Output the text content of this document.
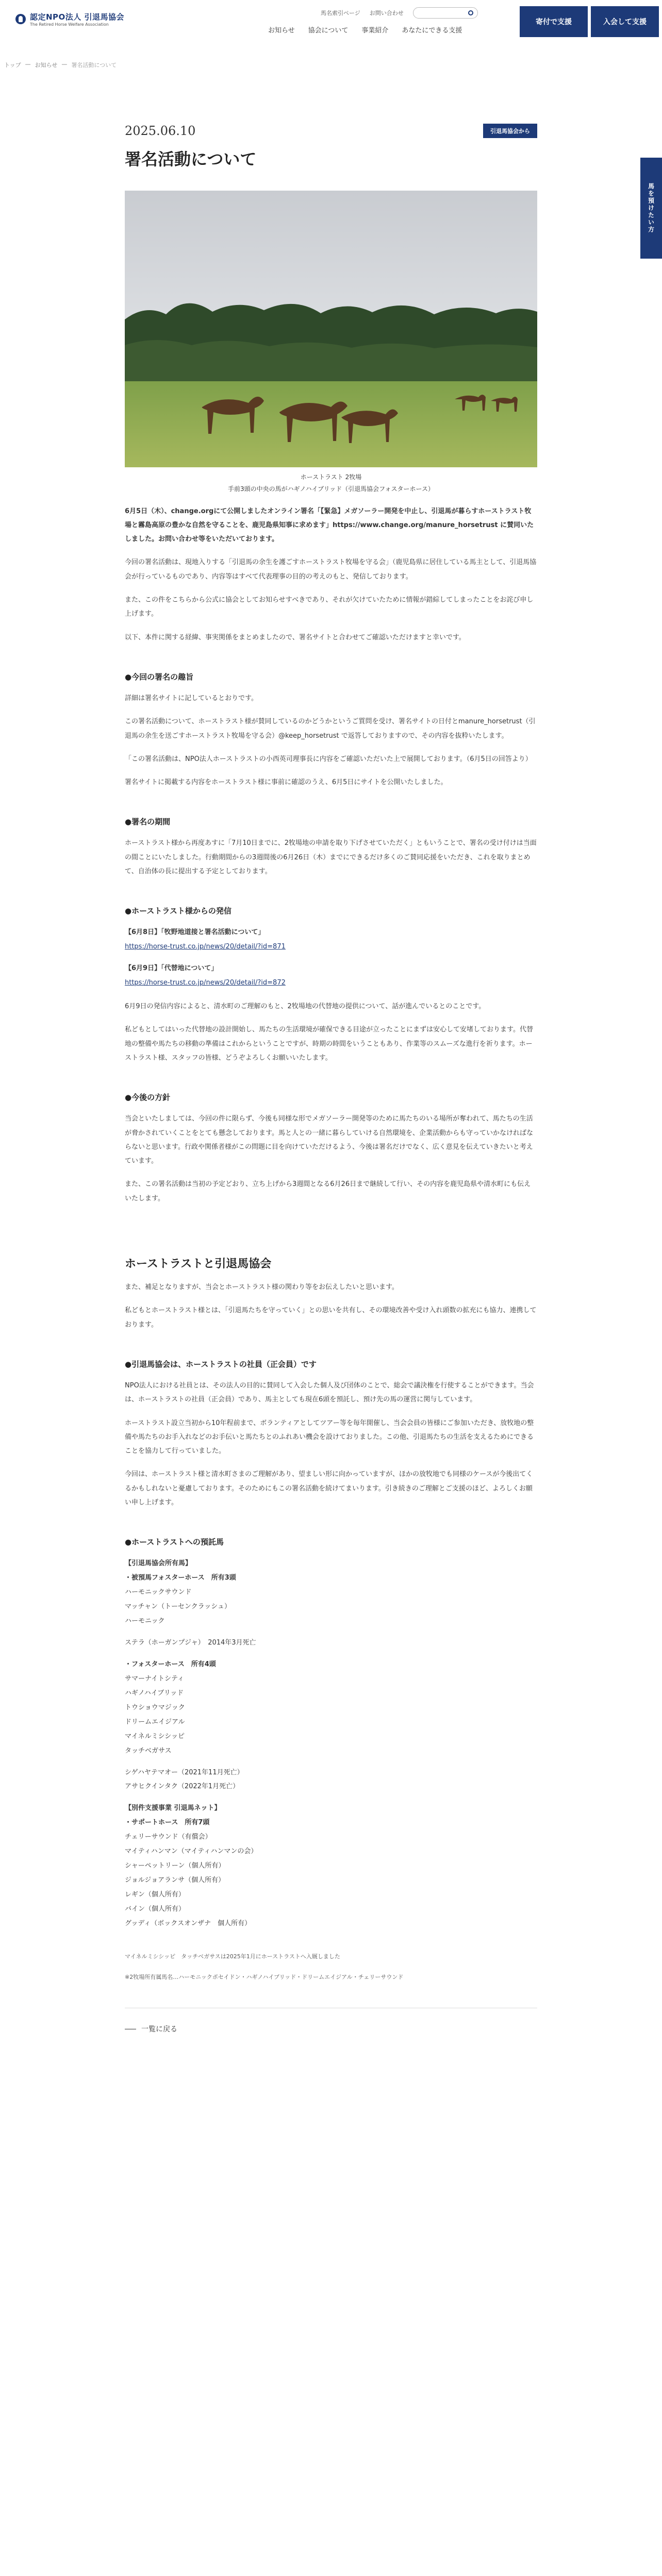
認定NPO法人 引退馬協会
The Retired Horse Welfare Association
馬名索引ページ お問い合わせ
お知らせ 協会について 事業紹介 あなたにできる支援
寄付で支援	入会して支援
馬を預けたい方
トップ — お知らせ — 署名活動について
2025.06.10	引退馬協会から
署名活動について
ホーストラスト 2牧場
手前3頭の中央の馬がハギノハイブリッド（引退馬協会フォスターホース）

6月5日（木）、change.orgにて公開しましたオンライン署名「【緊急】メガソーラー開発を中止し、引退馬が暮らすホーストラスト牧場と霧島高原の豊かな自然を守ることを、鹿児島県知事に求めます」https://www.change.org/manure_horsetrust に賛同いたしました。お問い合わせ等をいただいております。

今回の署名活動は、現地入りする「引退馬の余生を護ごすホーストラスト牧場を守る会」（鹿児島県に居住している馬主として、引退馬協会が行っているものであり、内容等はすべて代表理事の目的の考えのもと、発信しております。

また、この件をこちらから公式に協会としてお知らせすべきであり、それが欠けていたために情報が錯綜してしまったことをお詫び申し上げます。

以下、本件に関する経緯、事実関係をまとめましたので、署名サイトと合わせてご確認いただけますと幸いです。

●今回の署名の趣旨

詳細は署名サイトに記しているとおりです。

この署名活動について、ホーストラスト様が賛同しているのかどうかというご質問を受け、署名サイトの日付とmanure_horsetrust（引退馬の余生を送ごすホーストラスト牧場を守る会）@keep_horsetrust で返答しておりますので、その内容を抜粋いたします。

「この署名活動は、NPO法人ホーストラストの小西英司理事長に内容をご確認いただいた上で展開しております。（6月5日の回答より）

署名サイトに掲載する内容をホーストラスト様に事前に確認のうえ、6月5日にサイトを公開いたしました。

●署名の期間

ホーストラスト様から再度あすに「7月10日までに、2牧場地の申請を取り下げさせていただく」ともいうことで、署名の受け付けは当面の間ことにいたしました。行動期間からの3週間後の6月26日（木）までにできるだけ多くのご賛同応援をいただき、これを取りまとめて、自治体の長に提出する予定としております。

●ホーストラスト様からの発信
【6月8日】「牧野地道接と署名活動について」
https://horse-trust.co.jp/news/20/detail/?id=871
【6月9日】「代替地について」
https://horse-trust.co.jp/news/20/detail/?id=872

6月9日の発信内容によると、清水町のご理解のもと、2牧場地の代替地の提供について、話が進んでいるとのことです。

私どもとしてはいった代替地の設計開始し、馬たちの生活環境が確保できる目途が立ったことにまずは安心して安堵しております。代替地の整備や馬たちの移動の準備はこれからということですが、時期の時間をいうこともあり、作業等のスムーズな進行を祈ります。ホーストラスト様、スタッフの皆様、どうぞよろしくお願いいたします。

●今後の方針

当会といたしましては、今回の件に限らず、今後も同様な形でメガソーラー開発等のために馬たちのいる場所が奪われて、馬たちの生活が脅かされていくことをとても懸念しております。馬と人との一緒に暮らしていける自然環境を、企業活動からも守っていかなければならないと思います。行政や関係者様がこの問題に目を向けていただけるよう、今後は署名だけでなく、広く意見を伝えていきたいと考えています。

また、この署名活動は当初の予定どおり、立ち上げから3週間となる6月26日まで継続して行い、その内容を鹿児島県や清水町にも伝えいたします。

ホーストラストと引退馬協会

また、補足となりますが、当会とホーストラスト様の関わり等をお伝えしたいと思います。

私どもとホーストラスト様とは、「引退馬たちを守っていく」との思いを共有し、その環境改善や受け入れ頭数の拡充にも協力、連携しております。

●引退馬協会は、ホーストラストの社員（正会員）です

NPO法人における社員とは、その法人の目的に賛同して入会した個人及び団体のことで、総会で議決権を行使することができます。当会は、ホーストラストの社員（正会員）であり、馬主としても現在6頭を預託し、預け先の馬の運営に関与しています。

ホーストラスト設立当初から10年程前まで、ボランティアとしてツアー等を毎年開催し、当会会員の皆様にご参加いただき、放牧地の整備や馬たちのお手入れなどのお手伝いと馬たちとのふれあい機会を設けておりました。この他、引退馬たちの生活を支えるためにできることを協力して行っていました。

今回は、ホーストラスト様と清水町さまのご理解があり、望ましい形に向かっていますが、ほかの放牧地でも同様のケースが今後出てくるかもしれないと憂慮しております。そのためにもこの署名活動を続けてまいります。引き続きのご理解とご支援のほど、よろしくお願い申し上げます。

●ホーストラストへの預託馬
【引退馬協会所有馬】
・被預馬フォスターホース　所有3頭
ハーモニックサウンド
マッチャン（トーセンクラッシュ）
ハーモニック
ステラ（ホーガンプジャ）　2014年3月死亡
・フォスターホース　所有4頭
サマーナイトシティ
ハギノハイブリッド
トウショウマジック
ドリームエイジアル
マイネルミシシッピ
タッチベガサス
シゲハヤテマオー（2021年11月死亡）
アサヒクインタク（2022年1月死亡）
【別件支援事業 引退馬ネット】
・サポートホース　所有7頭
チェリーサウンド（有償会）
マイティハンマン（マイティハンマンの会）
シャーペットリーン（個人所有）
ジョルジョアランサ（個人所有）
レギン（個人所有）
バイン（個人所有）
グッディ（ボックスオンザナ　個人所有）

マイネルミシシッピ　タッチベガサスは2025年1月にホーストラストへ入厩しました

※2牧場所有属馬名…ハーモニックポセイドン・ハギノハイブリッド・ドリームエイジアル・チェリーサウンド

一覧に戻る
